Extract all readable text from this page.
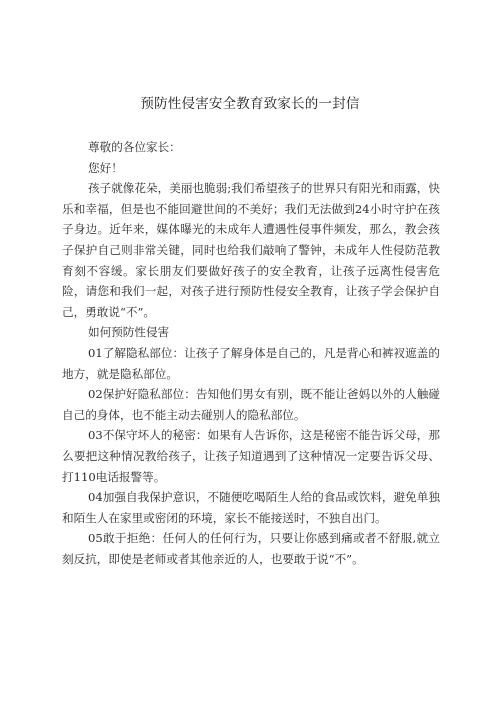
预防性侵害安全教育致家长的一封信

尊敬的各位家长：

您好！

孩子就像花朵，美丽也脆弱;我们希望孩子的世界只有阳光和雨露，快乐和幸福，但是也不能回避世间的不美好；我们无法做到24小时守护在孩子身边。近年来，媒体曝光的未成年人遭遇性侵事件频发，那么，教会孩子保护自己则非常关键，同时也给我们敲响了警钟，未成年人性侵防范教育刻不容缓。家长朋友们要做好孩子的安全教育，让孩子远离性侵害危险，请您和我们一起，对孩子进行预防性侵安全教育，让孩子学会保护自己，勇敢说“不”。

如何预防性侵害

01了解隐私部位：让孩子了解身体是自己的，凡是背心和裤衩遮盖的地方，就是隐私部位。

02保护好隐私部位：告知他们男女有别，既不能让爸妈以外的人触碰自己的身体，也不能主动去碰别人的隐私部位。

03不保守坏人的秘密：如果有人告诉你，这是秘密不能告诉父母，那么要把这种情况教给孩子，让孩子知道遇到了这种情况一定要告诉父母、打110电话报警等。

04加强自我保护意识，不随便吃喝陌生人给的食品或饮料，避免单独和陌生人在家里或密闭的环境，家长不能接送时，不独自出门。

05敢于拒绝：任何人的任何行为，只要让你感到痛或者不舒服,就立刻反抗，即使是老师或者其他亲近的人，也要敢于说“不”。
